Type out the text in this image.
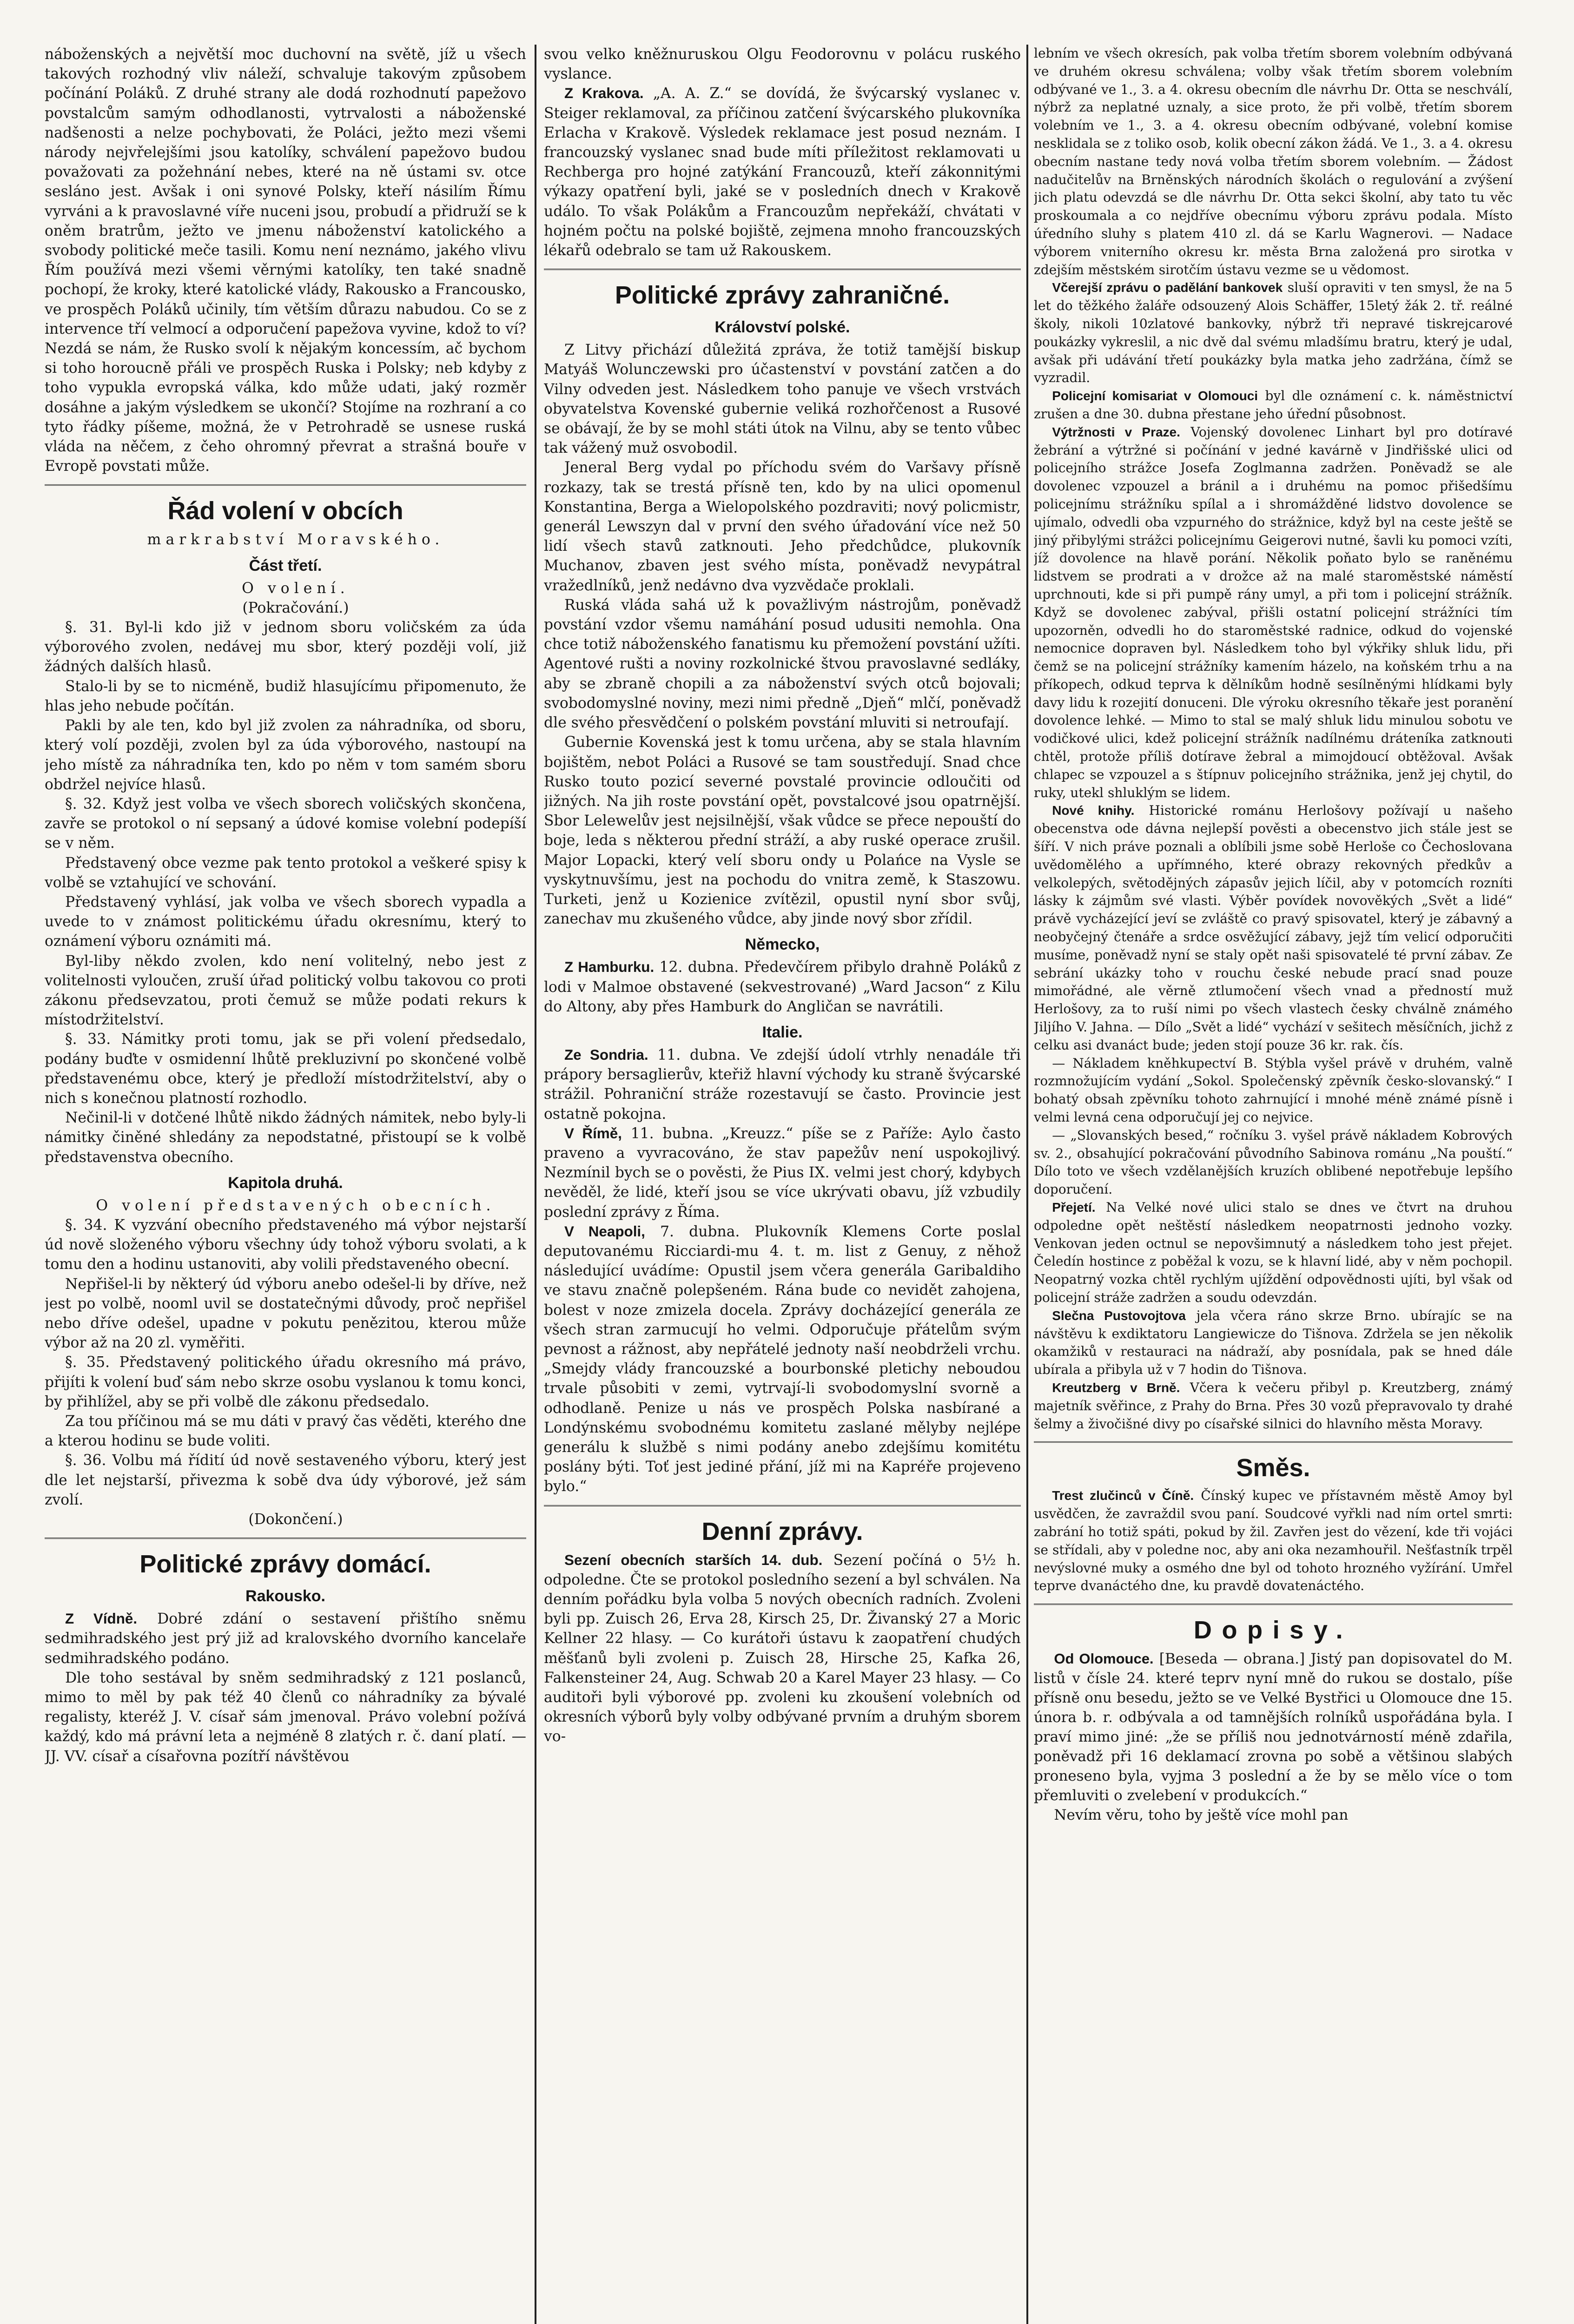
náboženských a největší moc duchovní na světě, jíž u všech takových rozhodný vliv náleží, schvaluje takovým způsobem počínání Poláků. Z druhé strany ale dodá rozhodnutí papežovo povstalcům samým odhodlanosti, vytrvalosti a náboženské nadšenosti a nelze pochybovati, že Poláci, ježto mezi všemi národy nejvřelejšími jsou katolíky, schválení papežovo budou považovati za požehnání nebes, které na ně ústami sv. otce sesláno jest. Avšak i oni synové Polsky, kteří násilím Římu vyrváni a k pravoslavné víře nuceni jsou, probudí a přidruží se k oněm bratrům, ježto ve jmenu náboženství katolického a svobody politické meče tasili. Komu není neznámo, jakého vlivu Řím používá mezi všemi věrnými katolíky, ten také snadně pochopí, že kroky, které katolické vlády, Rakousko a Francousko, ve prospěch Poláků učinily, tím větším důrazu nabudou. Co se z intervence tří velmocí a odporučení papežova vyvine, kdož to ví? Nezdá se nám, že Rusko svolí k nějakým koncessím, ač bychom si toho horoucně přáli ve prospěch Ruska i Polsky; neb kdyby z toho vypukla evropská válka, kdo může udati, jaký rozměr dosáhne a jakým výsledkem se ukončí? Stojíme na rozhraní a co tyto řádky píšeme, možná, že v Petrohradě se usnese ruská vláda na něčem, z čeho ohromný převrat a strašná bouře v Evropě povstati může.

Řád volení v obcích

markrabství Moravského.

Část třetí.

O volení.

(Pokračování.)

§. 31. Byl-li kdo již v jednom sboru voličském za úda výborového zvolen, nedávej mu sbor, který později volí, již žádných dalších hlasů.

Stalo-li by se to nicméně, budiž hlasujícímu připomenuto, že hlas jeho nebude počítán.

Pakli by ale ten, kdo byl již zvolen za náhradníka, od sboru, který volí později, zvolen byl za úda výborového, nastoupí na jeho místě za náhradníka ten, kdo po něm v tom samém sboru obdržel nejvíce hlasů.

§. 32. Když jest volba ve všech sborech voličských skončena, zavře se protokol o ní sepsaný a údové komise volební podepíší se v něm.

Představený obce vezme pak tento protokol a veškeré spisy k volbě se vztahující ve schování.

Představený vyhlásí, jak volba ve všech sborech vypadla a uvede to v známost politickému úřadu okresnímu, který to oznámení výboru oznámiti má.

Byl-liby někdo zvolen, kdo není volitelný, nebo jest z volitelnosti vyloučen, zruší úřad politický volbu takovou co proti zákonu předsevzatou, proti čemuž se může podati rekurs k místodržitelství.

§. 33. Námitky proti tomu, jak se při volení předsedalo, podány buďte v osmidenní lhůtě prekluzivní po skončené volbě představenému obce, který je předloží místodržitelství, aby o nich s konečnou platností rozhodlo.

Nečinil-li v dotčené lhůtě nikdo žádných námitek, nebo byly-li námitky činěné shledány za nepodstatné, přistoupí se k volbě představenstva obecního.

Kapitola druhá.

O volení představených obecních.

§. 34. K vyzvání obecního představeného má výbor nejstarší úd nově složeného výboru všechny údy tohož výboru svolati, a k tomu den a hodinu ustanoviti, aby volili představeného obecní.

Nepřišel-li by některý úd výboru anebo odešel-li by dříve, než jest po volbě, nooml uvil se dostatečnými důvody, proč nepřišel nebo dříve odešel, upadne v pokutu penězitou, kterou může výbor až na 20 zl. vyměřiti.

§. 35. Představený politického úřadu okresního má právo, přijíti k volení buď sám nebo skrze osobu vyslanou k tomu konci, by přihlížel, aby se při volbě dle zákonu předsedalo.

Za tou příčinou má se mu dáti v pravý čas věděti, kterého dne a kterou hodinu se bude voliti.

§. 36. Volbu má řídití úd nově sestaveného výboru, který jest dle let nejstarší, přivezma k sobě dva údy výborové, jež sám zvolí.

(Dokončení.)

Politické zprávy domácí.
Rakousko.

Z Vídně. Dobré zdání o sestavení přištího sněmu sedmihradského jest prý již ad kralovského dvorního kancelaře sedmihradského podáno.

Dle toho sestával by sněm sedmihradský z 121 poslanců, mimo to měl by pak též 40 členů co náhradníky za bývalé regalisty, kteréž J. V. císař sám jmenoval. Právo volební požívá každý, kdo má právní leta a nejméně 8 zlatých r. č. daní platí. — JJ. VV. císař a císařovna pozítří návštěvou

svou velko kněžnuruskou Olgu Feodorovnu v polácu ruského vyslance.

Z Krakova. „A. A. Z.“ se dovídá, že švýcarský vyslanec v. Steiger reklamoval, za příčinou zatčení švýcarského plukovníka Erlacha v Krakově. Výsledek reklamace jest posud neznám. I francouzský vyslanec snad bude míti příležitost reklamovati u Rechberga pro hojné zatýkání Francouzů, kteří zákonnitými výkazy opatření byli, jaké se v posledních dnech v Krakově událo. To však Polákům a Francouzům nepřekáží, chvátati v hojném počtu na polské bojiště, zejmena mnoho francouzských lékařů odebralo se tam už Rakouskem.

Politické zprávy zahraničné.
Království polské.

Z Litvy přichází důležitá zpráva, že totiž tamější biskup Matyáš Wolunczewski pro účastenství v povstání zatčen a do Vilny odveden jest. Následkem toho panuje ve všech vrstvách obyvatelstva Kovenské gubernie veliká rozhořčenost a Rusové se obávají, že by se mohl státi útok na Vilnu, aby se tento vůbec tak vážený muž osvobodil.

Jeneral Berg vydal po příchodu svém do Varšavy přísně rozkazy, tak se trestá přísně ten, kdo by na ulici opomenul Konstantina, Berga a Wielopolského pozdraviti; nový policmistr, generál Lewszyn dal v první den svého úřadování více než 50 lidí všech stavů zatknouti. Jeho předchůdce, plukovník Muchanov, zbaven jest svého místa, poněvadž nevypátral vražedlníků, jenž nedávno dva vyzvědače proklali.

Ruská vláda sahá už k považlivým nástrojům, poněvadž povstání vzdor všemu namáhání posud udusiti nemohla. Ona chce totiž náboženského fanatismu ku přemožení povstání užíti. Agentové rušti a noviny rozkolnické štvou pravoslavné sedláky, aby se zbraně chopili a za náboženství svých otců bojovali; svobodomyslné noviny, mezi nimi předně „Djeň“ mlčí, poněvadž dle svého přesvědčení o polském povstání mluviti si netroufají.

Gubernie Kovenská jest k tomu určena, aby se stala hlavním bojištěm, nebot Poláci a Rusové se tam soustředují. Snad chce Rusko touto pozicí severné povstalé provincie odloučiti od jižných. Na jih roste povstání opět, povstalcové jsou opatrnější. Sbor Lelewelův jest nejsilnější, však vůdce se přece nepouští do boje, leda s některou přední stráží, a aby ruské operace zrušil. Major Lopacki, který velí sboru ondy u Polańce na Vysle se vyskytnuvšímu, jest na pochodu do vnitra země, k Staszowu. Turketi, jenž u Kozienice zvítězil, opustil nyní sbor svůj, zanechav mu zkušeného vůdce, aby jinde nový sbor zřídil.

Německo,

Z Hamburku. 12. dubna. Předevčírem přibylo drahně Poláků z lodi v Malmoe obstavené (sekvestrované) „Ward Jacson“ z Kilu do Altony, aby přes Hamburk do Angličan se navrátili.

Italie.

Ze Sondria. 11. dubna. Ve zdejší údolí vtrhly nenadále tři prápory bersaglierův, kteřiž hlavní východy ku straně švýcarské strážil. Pohraniční stráže rozestavují se často. Provincie jest ostatně pokojna.

V Římě, 11. bubna. „Kreuzz.“ píše se z Paříže: Aylo často praveno a vyvracováno, že stav papežův není uspokojlivý. Nezmínil bych se o pověsti, že Pius IX. velmi jest chorý, kdybych nevěděl, že lidé, kteří jsou se více ukrývati obavu, jíž vzbudily poslední zprávy z Říma.

V Neapoli, 7. dubna. Plukovník Klemens Corte poslal deputovanému Ricciardi-mu 4. t. m. list z Genuy, z něhož následující uvádíme: Opustil jsem včera generála Garibaldiho ve stavu značně polepšeném. Rána bude co nevidět zahojena, bolest v noze zmizela docela. Zprávy docházející generála ze všech stran zarmucují ho velmi. Odporučuje přátelům svým pevnost a rážnost, aby nepřátelé jednoty naší neobdrželi vrchu. „Smejdy vlády francouzské a bourbonské pletichy neboudou trvale působiti v zemi, vytrvají-li svobodomyslní svorně a odhodlaně. Penize u nás ve prospěch Polska nasbírané a Londýnskému svobodnému komitetu zaslané mělyby nejlépe generálu k službě s nimi podány anebo zdejšímu komitétu poslány býti. Toť jest jediné přání, jíž mi na Kapréře projeveno bylo.“

Denní zprávy.

Sezení obecních starších 14. dub. Sezení počíná o 5½ h. odpoledne. Čte se protokol posledního sezení a byl schválen. Na denním pořádku byla volba 5 nových obecních radních. Zvoleni byli pp. Zuisch 26, Erva 28, Kirsch 25, Dr. Živanský 27 a Moric Kellner 22 hlasy. — Co kurátoři ústavu k zaopatření chudých měšťanů byli zvoleni p. Zuisch 28, Hirsche 25, Kafka 26, Falkensteiner 24, Aug. Schwab 20 a Karel Mayer 23 hlasy. — Co auditoři byli výborové pp. zvoleni ku zkoušení volebních od okresních výborů byly volby odbývané prvním a druhým sborem vo-

lebním ve všech okresích, pak volba třetím sborem volebním odbývaná ve druhém okresu schválena; volby však třetím sborem volebním odbývané ve 1., 3. a 4. okresu obecním dle návrhu Dr. Otta se neschválí, nýbrž za neplatné uznaly, a sice proto, že při volbě, třetím sborem volebním ve 1., 3. a 4. okresu obecním odbývané, volební komise nesklidala se z toliko osob, kolik obecní zákon žádá. Ve 1., 3. a 4. okresu obecním nastane tedy nová volba třetím sborem volebním. — Žádost nadučitelův na Brněnských národních školách o regulování a zvýšení jich platu odevzdá se dle návrhu Dr. Otta sekci školní, aby tato tu věc proskoumala a co nejdříve obecnímu výboru zprávu podala. Místo úředního sluhy s platem 410 zl. dá se Karlu Wagnerovi. — Nadace výborem vniterního okresu kr. města Brna založená pro sirotka v zdejším městském sirotčím ústavu vezme se u vědomost.

Včerejší zprávu o padělání bankovek sluší opraviti v ten smysl, že na 5 let do těžkého žaláře odsouzený Alois Schäffer, 15letý žák 2. tř. reálné školy, nikoli 10zlatové bankovky, nýbrž tři nepravé tiskrejcarové poukázky vykreslil, a nic dvě dal svému mladšímu bratru, který je udal, avšak při udávání třetí poukázky byla matka jeho zadržána, čímž se vyzradil.

Policejní komisariat v Olomouci byl dle oznámení c. k. náměstnictví zrušen a dne 30. dubna přestane jeho úřední působnost.

Výtržnosti v Praze. Vojenský dovolenec Linhart byl pro dotíravé žebrání a výtržné si počínání v jedné kavárně v Jindřišské ulici od policejního strážce Josefa Zoglmanna zadržen. Poněvadž se ale dovolenec vzpouzel a bránil a i druhému na pomoc přišedšímu policejnímu strážníku spílal a i shromážděné lidstvo dovolence se ujímalo, odvedli oba vzpurného do strážnice, když byl na ceste ještě se jiný přibylými strážci policejnímu Geigerovi nutné, šavli ku pomoci vzíti, jíž dovolence na hlavě porání. Několik poňato bylo se raněnému lidstvem se prodrati a v drožce až na malé staroměstské náměstí uprchnouti, kde si při pumpě rány umyl, a při tom i policejní strážník. Když se dovolenec zabýval, přišli ostatní policejní strážníci tím upozorněn, odvedli ho do staroměstské radnice, odkud do vojenské nemocnice dopraven byl. Následkem toho byl výkřiky shluk lidu, při čemž se na policejní strážníky kamením házelo, na koňském trhu a na příkopech, odkud teprva k dělníkům hodně sesílněnými hlídkami byly davy lidu k rozejití donuceni. Dle výroku okresního těkaře jest poranění dovolence lehké. — Mimo to stal se malý shluk lidu minulou sobotu ve vodičkové ulici, kdež policejní strážník nadílnému dráteníka zatknouti chtěl, protože příliš dotírave žebral a mimojdoucí obtěžoval. Avšak chlapec se vzpouzel a s štípnuv policejního strážnika, jenž jej chytil, do ruky, utekl shluklým se lidem.

Nové knihy. Historické románu Herlošovy požívají u našeho obecenstva ode dávna nejlepší pověsti a obecenstvo jich stále jest se šíří. V nich práve poznali a oblíbili jsme sobě Herloše co Čechoslovana uvědomělého a upřímného, které obrazy rekovných předkův a velkolepých, světodějných zápasův jejich líčil, aby v potomcích rozníti lásky k zájmům své vlasti. Výběr povídek novověkých „Svět a lidé“ právě vycházející jeví se zvláště co pravý spisovatel, který je zábavný a neobyčejný čtenáře a srdce osvěžující zábavy, jejž tím velicí odporučiti musíme, poněvadž nyní se staly opět naši spisovatelé té první zábav. Ze sebrání ukázky toho v rouchu české nebude prací snad pouze mimořádné, ale věrně ztlumočení všech vnad a předností muž Herlošovy, za to ruší nimi po všech vlastech česky chválně známého Jiljího V. Jahna. — Dílo „Svět a lidé“ vychází v sešitech měsíčních, jichž z celku asi dvanáct bude; jeden stojí pouze 36 kr. rak. čís.

— Nákladem kněhkupectví B. Stýbla vyšel právě v druhém, valně rozmnožujícím vydání „Sokol. Společenský zpěvník česko-slovanský.“ I bohatý obsah zpěvníku tohoto zahrnující i mnohé méně známé písně i velmi levná cena odporučují jej co nejvice.

— „Slovanských besed,“ ročníku 3. vyšel právě nákladem Kobrových sv. 2., obsahující pokračování původního Sabinova románu „Na pouští.“ Dílo toto ve všech vzdělanějších kruzích oblibené nepotřebuje lepšího doporučení.

Přejetí. Na Velké nové ulici stalo se dnes ve čtvrt na druhou odpoledne opět neštěstí následkem neopatrnosti jednoho vozky. Venkovan jeden octnul se nepovšimnutý a následkem toho jest přejet. Čeledín hostince z poběžal k vozu, se k hlavní lidé, aby v něm pochopil. Neopatrný vozka chtěl rychlým ujíždění odpovědnosti ujíti, byl však od policejní stráže zadržen a soudu odevzdán.

Slečna Pustovojtova jela včera ráno skrze Brno. ubírajíc se na návštěvu k exdiktatoru Langiewicze do Tišnova. Zdržela se jen několik okamžiků v restauraci na nádraží, aby posnídala, pak se hned dále ubírala a přibyla už v 7 hodin do Tišnova.

Kreutzberg v Brně. Včera k večeru přibyl p. Kreutzberg, známý majetník svěřince, z Prahy do Brna. Přes 30 vozů přepravovalo ty drahé šelmy a živočišné divy po císařské silnici do hlavního města Moravy.

Směs.

Trest zlučinců v Číně. Čínský kupec ve přístavném městě Amoy byl usvědčen, že zavraždil svou paní. Soudcové vyřkli nad ním ortel smrti: zabrání ho totiž spáti, pokud by žil. Zavřen jest do vězení, kde tři vojáci se střídali, aby v poledne noc, aby ani oka nezamhouřil. Nešťastník trpěl nevýslovné muky a osmého dne byl od tohoto hrozného vyžírání. Umřel teprve dvanáctého dne, ku pravdě dovatenáctého.

Dopisy.

Od Olomouce. [Beseda — obrana.] Jistý pan dopisovatel do M. listů v čísle 24. které teprv nyní mně do rukou se dostalo, píše přísně onu besedu, ježto se ve Velké Bystřici u Olomouce dne 15. února b. r. odbývala a od tamnějších rolníků uspořádána byla. I praví mimo jiné: „že se příliš nou jednotvárností méně zdařila, poněvadž při 16 deklamací zrovna po sobě a většinou slabých proneseno byla, vyjma 3 poslední a že by se mělo více o tom přemluviti o zvelebení v produkcích.“

Nevím věru, toho by ještě více mohl pan
